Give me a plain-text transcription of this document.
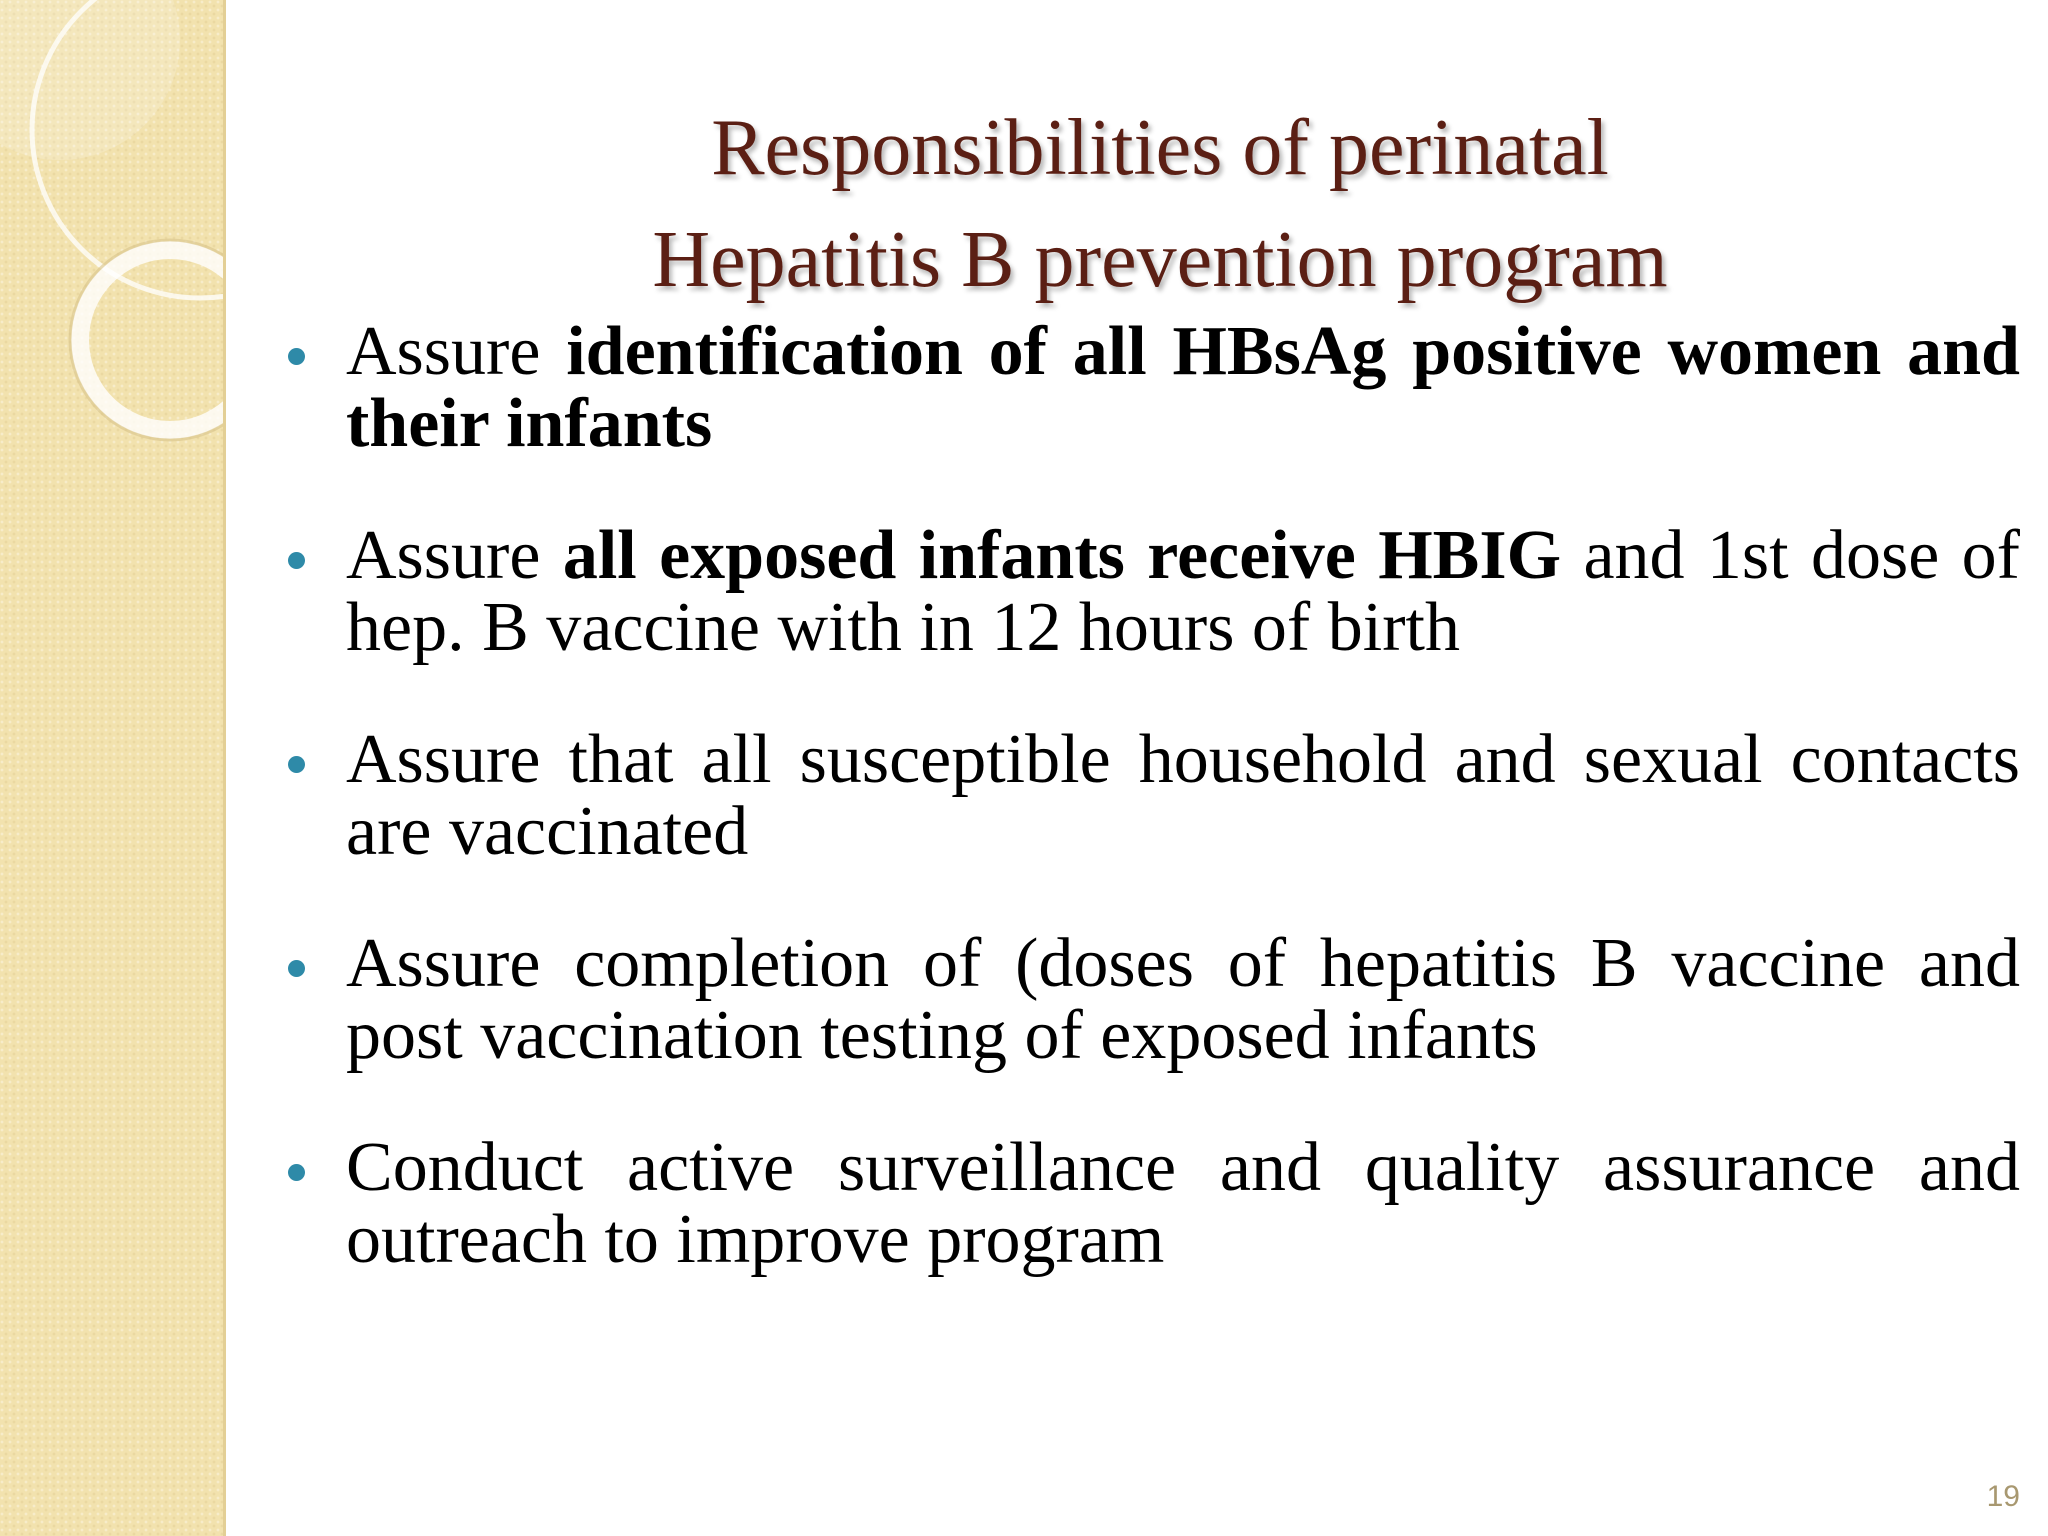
Responsibilities of perinatal
Hepatitis B prevention program
Assure identification of all HBsAg positive women and their infants
Assure all exposed infants receive HBIG and 1st dose of hep. B vaccine with in 12 hours of birth
Assure that all susceptible household and sexual contacts are vaccinated
Assure completion of (doses of hepatitis B vaccine and post vaccination testing of exposed infants
Conduct active surveillance and quality assurance and outreach to improve program
19
